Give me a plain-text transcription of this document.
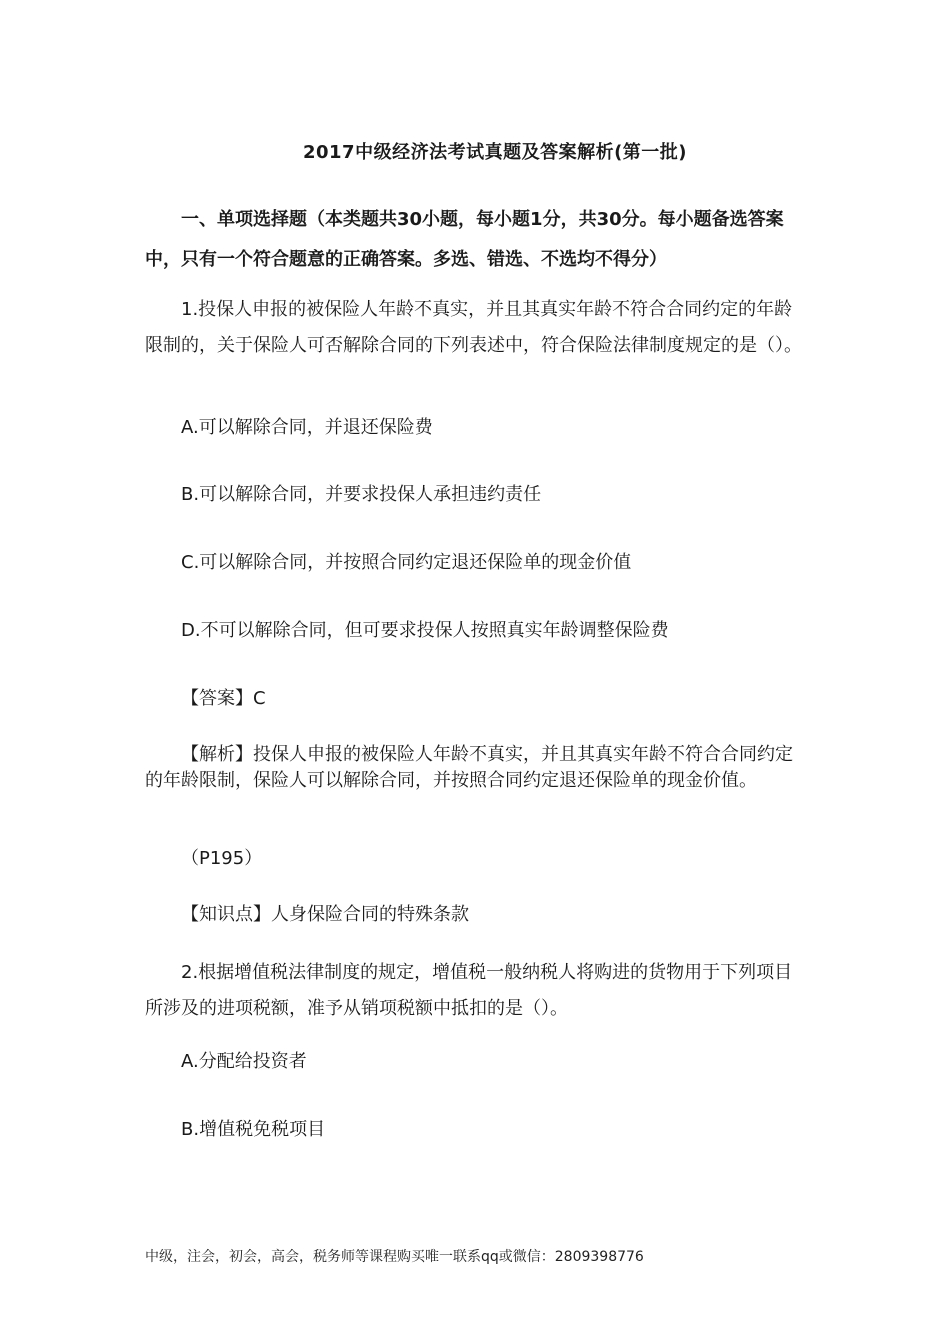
2017中级经济法考试真题及答案解析(第一批)

一、单项选择题（本类题共30小题，每小题1分，共30分。每小题备选答案中，只有一个符合题意的正确答案。多选、错选、不选均不得分）

1.投保人申报的被保险人年龄不真实，并且其真实年龄不符合合同约定的年龄限制的，关于保险人可否解除合同的下列表述中，符合保险法律制度规定的是（）。

A.可以解除合同，并退还保险费
B.可以解除合同，并要求投保人承担违约责任
C.可以解除合同，并按照合同约定退还保险单的现金价值
D.不可以解除合同，但可要求投保人按照真实年龄调整保险费
【答案】C

【解析】投保人申报的被保险人年龄不真实，并且其真实年龄不符合合同约定的年龄限制，保险人可以解除合同，并按照合同约定退还保险单的现金价值。

（P195）
【知识点】人身保险合同的特殊条款

2.根据增值税法律制度的规定，增值税一般纳税人将购进的货物用于下列项目所涉及的进项税额，准予从销项税额中抵扣的是（）。

A.分配给投资者
B.增值税免税项目
中级，注会，初会，高会，税务师等课程购买唯一联系qq或微信：2809398776
